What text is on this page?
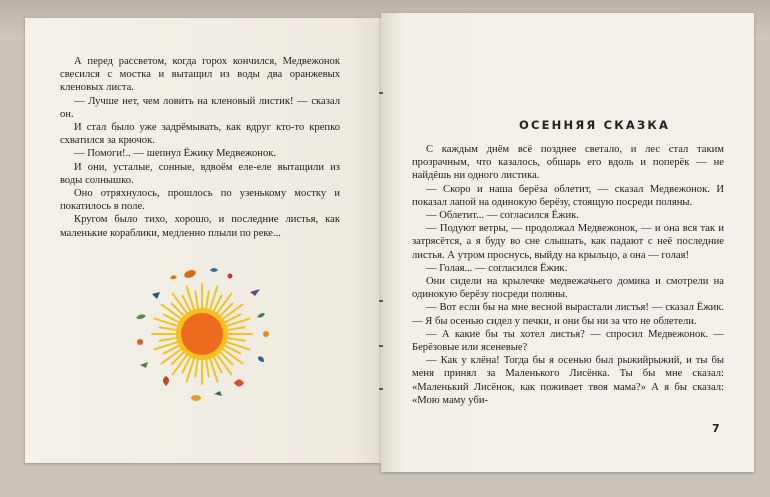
А перед рассветом, когда горох кончился, Медвежонок свесился с мостка и вытащил из воды два оранжевых кленовых листа.

— Лучше нет, чем ловить на кленовый листик! — сказал он.

И стал было уже задрёмывать, как вдруг кто-то крепко схватился за крючок.

— Помоги!.. — шепнул Ёжику Медвежонок.

И они, усталые, сонные, вдвоём еле-еле вытащили из воды солнышко.

Оно отряхнулось, прошлось по узенькому мостку и покатилось в поле.

Кругом было тихо, хорошо, и последние листья, как маленькие кораблики, медленно плыли по реке...

ОСЕННЯЯ СКАЗКА

С каждым днём всё позднее светало, и лес стал таким прозрачным, что казалось, обшарь его вдоль и поперёк — не найдёшь ни одного листика.

— Скоро и наша берёза облетит, — сказал Медвежонок. И показал лапой на одинокую берёзу, стоящую посреди поляны.

— Облетит... — согласился Ёжик.

— Подуют ветры, — продолжал Медвежонок, — и она вся так и затрясётся, а я буду во сне слышать, как падают с неё последние листья. А утром проснусь, выйду на крыльцо, а она — голая!

— Голая... — согласился Ёжик.

Они сидели на крылечке медвежачьего домика и смотрели на одинокую берёзу посреди поляны.

— Вот если бы на мне весной вырастали листья! — сказал Ёжик. — Я бы осенью сидел у печки, и они бы ни за что не облетели.

— А какие бы ты хотел листья? — спросил Медвежонок. — Берёзовые или ясеневые?

— Как у клёна! Тогда бы я осенью был рыжийрыжий, и ты бы меня принял за Маленького Лисёнка. Ты бы мне сказал: «Маленький Лисёнок, как поживает твоя мама?» А я бы сказал: «Мою маму уби-

7
